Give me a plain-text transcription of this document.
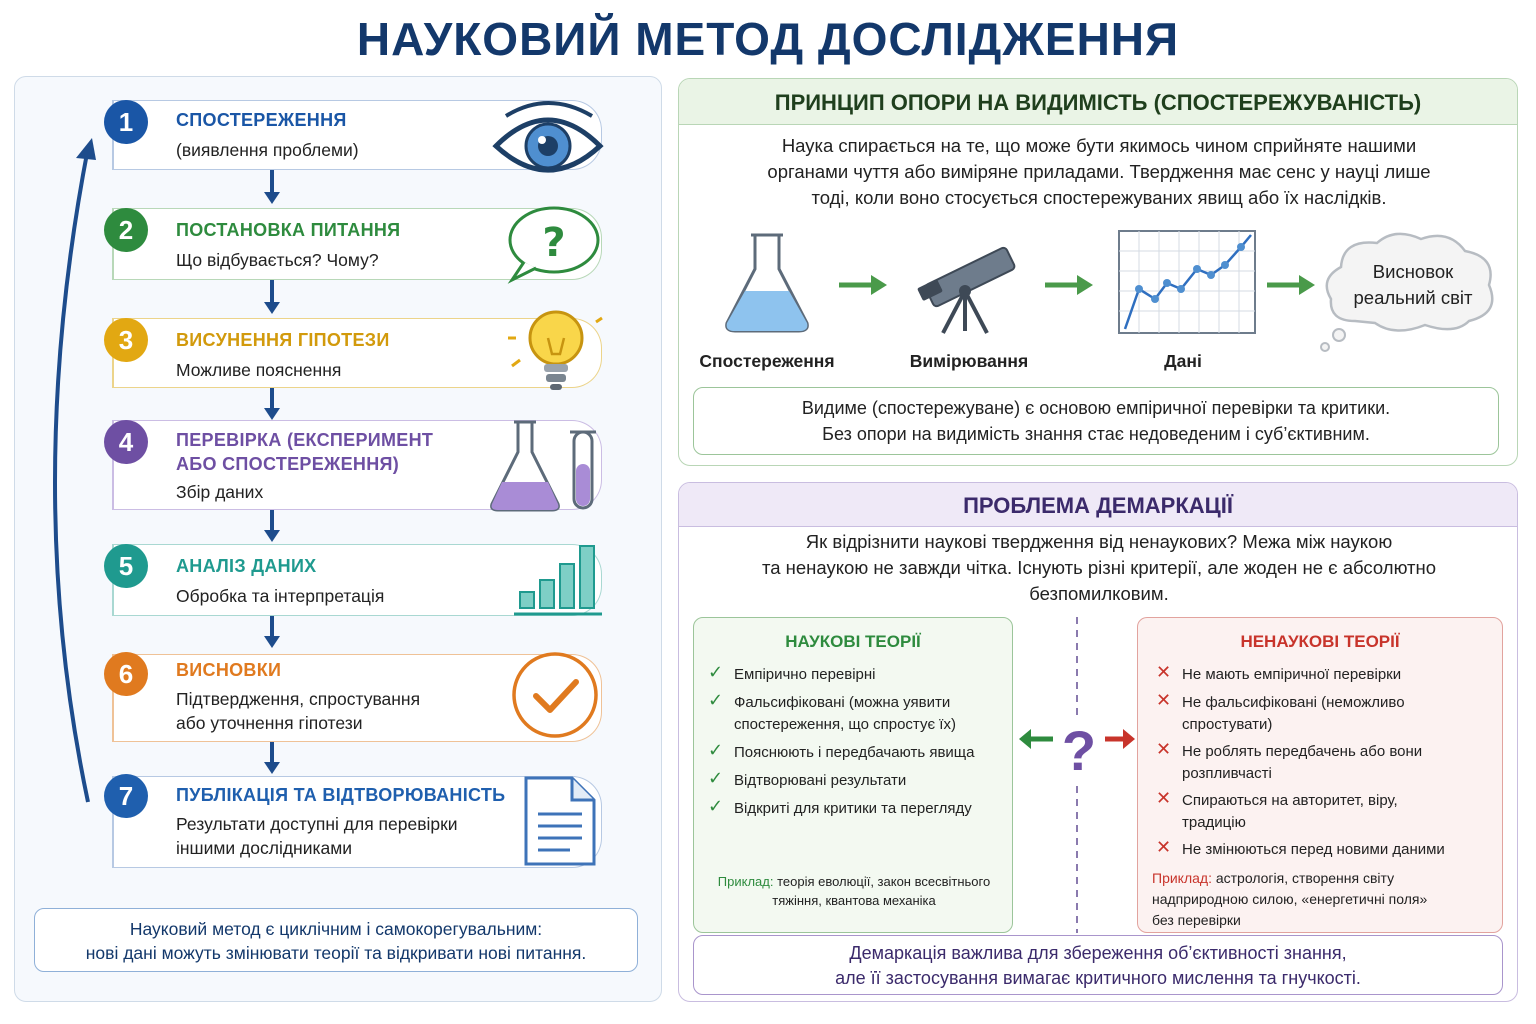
НАУКОВИЙ МЕТОД ДОСЛІДЖЕННЯ
1	СПОСТЕРЕЖЕННЯ
(виявлення проблеми)
2	ПОСТАНОВКА ПИТАННЯ
Що відбувається? Чому?	?
3	ВИСУНЕННЯ ГІПОТЕЗИ
Можливе пояснення
4	ПЕРЕВІРКА (ЕКСПЕРИМЕНТ
АБО СПОСТЕРЕЖЕННЯ)
Збір даних
5	АНАЛІЗ ДАНИХ
Обробка та інтерпретація
6	ВИСНОВКИ
Підтвердження, спростування
або уточнення гіпотези
7	ПУБЛІКАЦІЯ ТА ВІДТВОРЮВАНІСТЬ
Результати доступні для перевірки
іншими дослідниками
Науковий метод є циклічним і самокорегувальним:
нові дані можуть змінювати теорії та відкривати нові питання.
ПРИНЦИП ОПОРИ НА ВИДИМІСТЬ (СПОСТЕРЕЖУВАНІСТЬ)
Наука спирається на те, що може бути якимось чином сприйняте нашими
органами чуття або виміряне приладами. Твердження має сенс у науці лише
тоді, коли воно стосується спостережуваних явищ або їх наслідків.
Спостереження	Вимірювання	Дані
Висновок
реальний світ
Видиме (спостережуване) є основою емпіричної перевірки та критики.
Без опори на видимість знання стає недоведеним і суб’єктивним.
ПРОБЛЕМА ДЕМАРКАЦІЇ
Як відрізнити наукові твердження від ненаукових? Межа між наукою
та ненаукою не завжди чітка. Існують різні критерії, але жоден не є абсолютно
безпомилковим.
НАУКОВІ ТЕОРІЇ
✓ Емпірично перевірні
✓ Фальсифіковані (можна уявити
спостереження, що спростує їх)
✓ Пояснюють і передбачають явища
✓ Відтворювані результати
✓ Відкриті для критики та перегляду
Приклад: теорія еволюції, закон всесвітнього
тяжіння, квантова механіка
?
НЕНАУКОВІ ТЕОРІЇ
✕ Не мають емпіричної перевірки
✕ Не фальсифіковані (неможливо
спростувати)
✕ Не роблять передбачень або вони
розпливчасті
✕ Спираються на авторитет, віру,
традицію
✕ Не змінюються перед новими даними
Приклад: астрологія, створення світу
надприродною силою, «енергетичні поля»
без перевірки
Демаркація важлива для збереження об’єктивності знання,
але її застосування вимагає критичного мислення та гнучкості.
